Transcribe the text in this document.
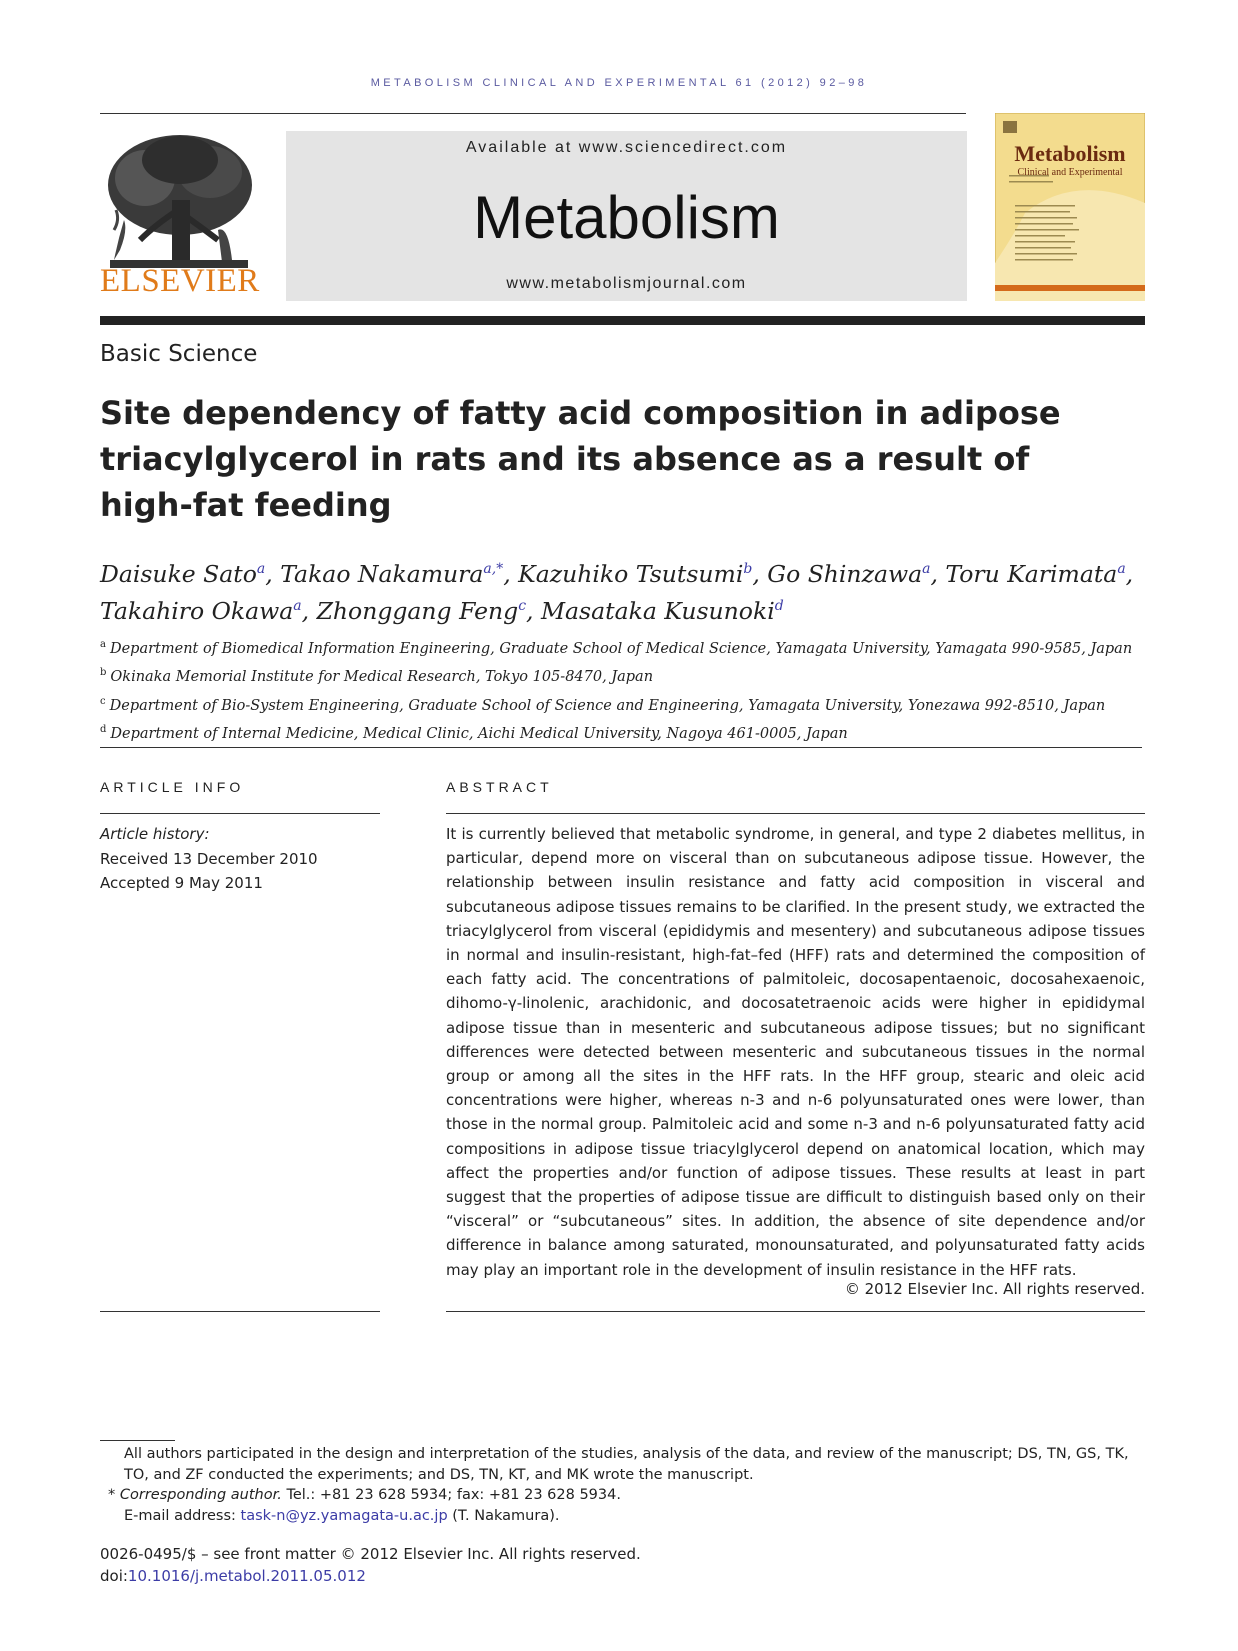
METABOLISM CLINICAL AND EXPERIMENTAL 61 (2012) 92–98
ELSEVIER
Available at www.sciencedirect.com
Metabolism
www.metabolismjournal.com
Metabolism
Clinical and Experimental
Basic Science
Site dependency of fatty acid composition in adipose triacylglycerol in rats and its absence as a result of high-fat feeding
Daisuke Sato$^a$, Takao Nakamura$^{a,*}$, Kazuhiko Tsutsumi$^b$, Go Shinzawa$^a$, Toru Karimata$^a$,
Takahiro Okawa$^a$, Zhonggang Feng$^c$, Masataka Kusunoki$^d$
$^a$ Department of Biomedical Information Engineering, Graduate School of Medical Science, Yamagata University, Yamagata 990-9585, Japan
$^b$ Okinaka Memorial Institute for Medical Research, Tokyo 105-8470, Japan
$^c$ Department of Bio-System Engineering, Graduate School of Science and Engineering, Yamagata University, Yonezawa 992-8510, Japan
$^d$ Department of Internal Medicine, Medical Clinic, Aichi Medical University, Nagoya 461-0005, Japan
ARTICLE INFO	ABSTRACT
Article history:
Received 13 December 2010
Accepted 9 May 2011
It is currently believed that metabolic syndrome, in general, and type 2 diabetes mellitus, in particular, depend more on visceral than on subcutaneous adipose tissue. However, the relationship between insulin resistance and fatty acid composition in visceral and subcutaneous adipose tissues remains to be clarified. In the present study, we extracted the triacylglycerol from visceral (epididymis and mesentery) and subcutaneous adipose tissues in normal and insulin-resistant, high-fat–fed (HFF) rats and determined the composition of each fatty acid. The concentrations of palmitoleic, docosapentaenoic, docosahexaenoic, dihomo-γ-linolenic, arachidonic, and docosatetraenoic acids were higher in epididymal adipose tissue than in mesenteric and subcutaneous adipose tissues; but no significant differences were detected between mesenteric and subcutaneous tissues in the normal group or among all the sites in the HFF rats. In the HFF group, stearic and oleic acid concentrations were higher, whereas n-3 and n-6 polyunsaturated ones were lower, than those in the normal group. Palmitoleic acid and some n-3 and n-6 polyunsaturated fatty acid compositions in adipose tissue triacylglycerol depend on anatomical location, which may affect the properties and/or function of adipose tissues. These results at least in part suggest that the properties of adipose tissue are difficult to distinguish based only on their “visceral” or “subcutaneous” sites. In addition, the absence of site dependence and/or difference in balance among saturated, monounsaturated, and polyunsaturated fatty acids may play an important role in the development of insulin resistance in the HFF rats.
© 2012 Elsevier Inc. All rights reserved.
All authors participated in the design and interpretation of the studies, analysis of the data, and review of the manuscript; DS, TN, GS, TK, TO, and ZF conducted the experiments; and DS, TN, KT, and MK wrote the manuscript.
* Corresponding author. Tel.: +81 23 628 5934; fax: +81 23 628 5934.
E-mail address: task-n@yz.yamagata-u.ac.jp (T. Nakamura).
0026-0495/$ – see front matter © 2012 Elsevier Inc. All rights reserved.
doi:10.1016/j.metabol.2011.05.012
